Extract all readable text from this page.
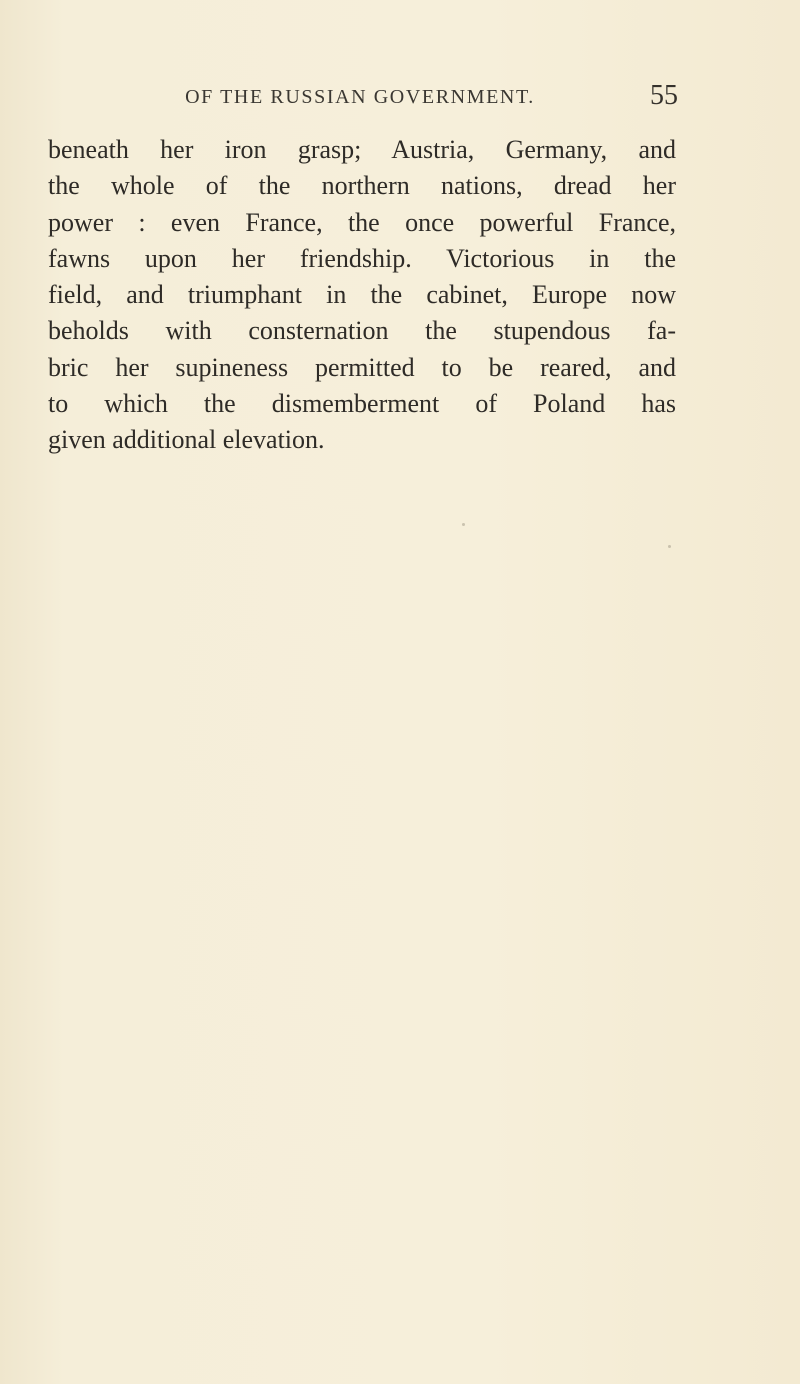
OF THE RUSSIAN GOVERNMENT.	55
beneath her iron grasp; Austria, Germany, and
the whole of the northern nations, dread her
power : even France, the once powerful France,
fawns upon her friendship. Victorious in the
field, and triumphant in the cabinet, Europe now
beholds with consternation the stupendous fa-
bric her supineness permitted to be reared, and
to which the dismemberment of Poland has
given additional elevation.
